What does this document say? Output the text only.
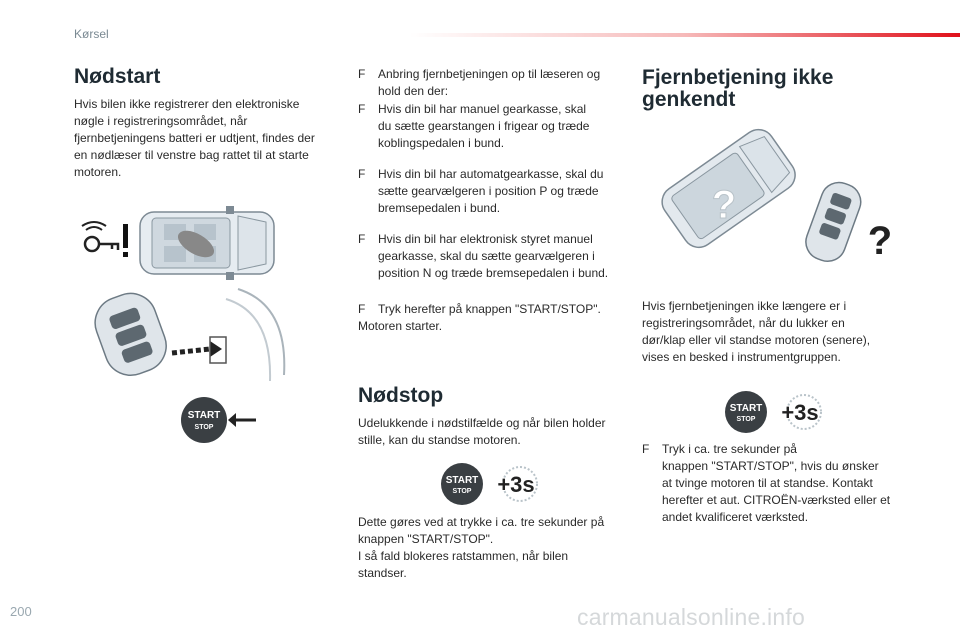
Kørsel
Nødstart

Hvis bilen ikke registrerer den elektroniske

nøgle i registreringsområdet, når

fjernbetjeningens batteri er udtjent, findes der

en nødlæser til venstre bag rattet til at starte

motoren.

START
STOP
F Anbring fjernbetjeningen op til læseren og
hold den der:
F Hvis din bil har manuel gearkasse, skal
du sætte gearstangen i frigear og træde
koblingspedalen i bund.
F Hvis din bil har automatgearkasse, skal du
sætte gearvælgeren i position P og træde
bremsepedalen i bund.
F Hvis din bil har elektronisk styret manuel
gearkasse, skal du sætte gearvælgeren i
position N og træde bremsepedalen i bund.
F Tryk herefter på knappen "START/STOP".

Motoren starter.

Nødstop

Udelukkende i nødstilfælde og når bilen holder

stille, kan du standse motoren.

START
STOP +3s

Dette gøres ved at trykke i ca. tre sekunder på

knappen "START/STOP".

I så fald blokeres ratstammen, når bilen

standser.

Fjernbetjening ikke
genkendt
?
?

Hvis fjernbetjeningen ikke længere er i

registreringsområdet, når du lukker en

dør/klap eller vil standse motoren (senere),

vises en besked i instrumentgruppen.

START
STOP +3s
F Tryk i ca. tre sekunder på
knappen "START/STOP", hvis du ønsker
at tvinge motoren til at standse. Kontakt
herefter et aut. CITROËN-værksted eller et
andet kvalificeret værksted.
200	carmanualsonline.info
